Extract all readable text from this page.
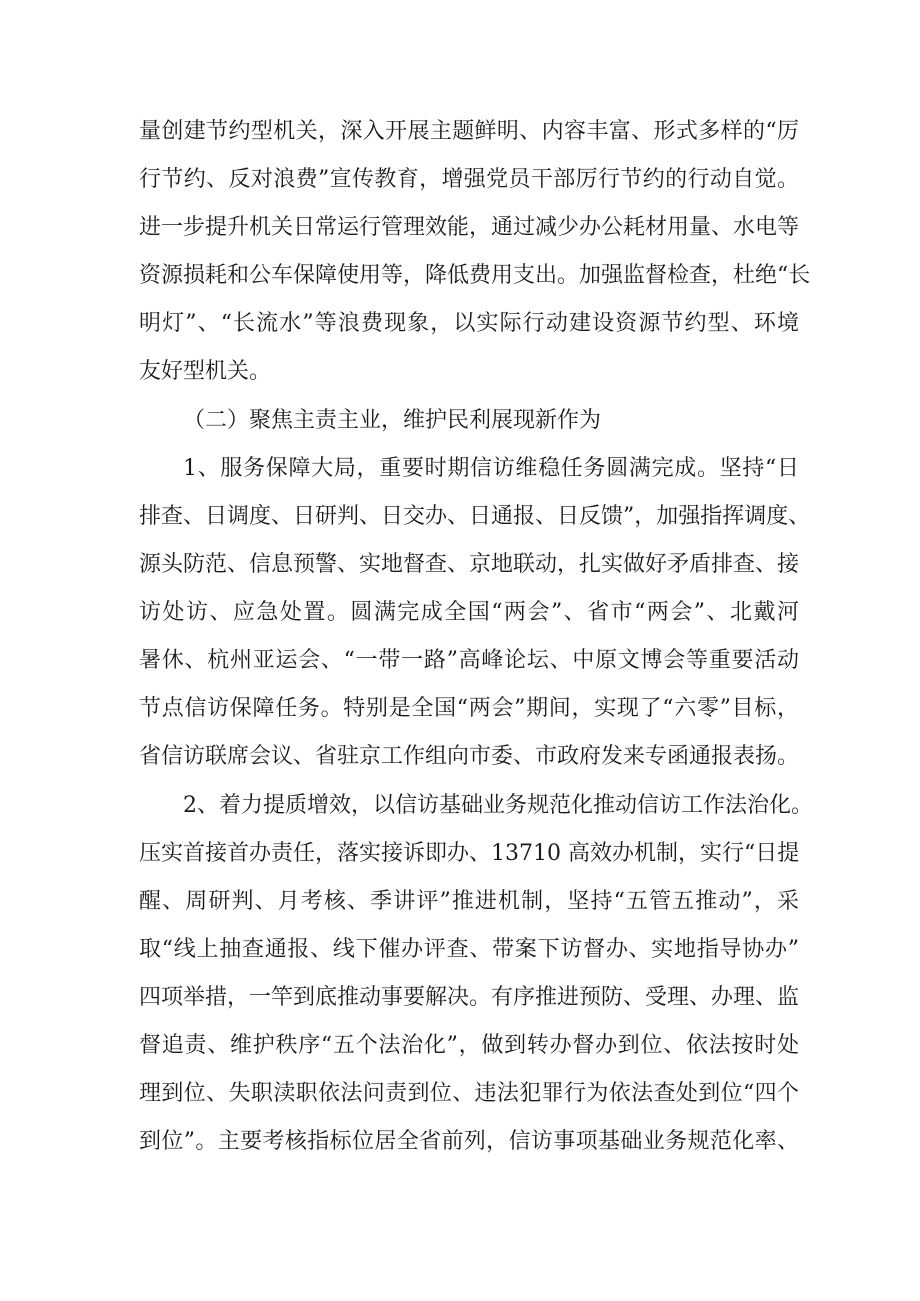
量创建节约型机关，深入开展主题鲜明、内容丰富、形式多样的“厉
行节约、反对浪费”宣传教育，增强党员干部厉行节约的行动自觉。
进一步提升机关日常运行管理效能，通过减少办公耗材用量、水电等
资源损耗和公车保障使用等，降低费用支出。加强监督检查，杜绝“长
明灯”、“长流水”等浪费现象，以实际行动建设资源节约型、环境
友好型机关。
（二）聚焦主责主业，维护民利展现新作为
1、服务保障大局，重要时期信访维稳任务圆满完成。坚持“日
排查、日调度、日研判、日交办、日通报、日反馈”，加强指挥调度、
源头防范、信息预警、实地督查、京地联动，扎实做好矛盾排查、接
访处访、应急处置。圆满完成全国“两会”、省市“两会”、北戴河
暑休、杭州亚运会、“一带一路”高峰论坛、中原文博会等重要活动
节点信访保障任务。特别是全国“两会”期间，实现了“六零”目标，
省信访联席会议、省驻京工作组向市委、市政府发来专函通报表扬。
2、着力提质增效，以信访基础业务规范化推动信访工作法治化。
压实首接首办责任，落实接诉即办、13710 高效办机制，实行“日提
醒、周研判、月考核、季讲评”推进机制，坚持“五管五推动”，采
取“线上抽查通报、线下催办评查、带案下访督办、实地指导协办”
四项举措，一竿到底推动事要解决。有序推进预防、受理、办理、监
督追责、维护秩序“五个法治化”，做到转办督办到位、依法按时处
理到位、失职渎职依法问责到位、违法犯罪行为依法查处到位“四个
到位”。主要考核指标位居全省前列，信访事项基础业务规范化率、
